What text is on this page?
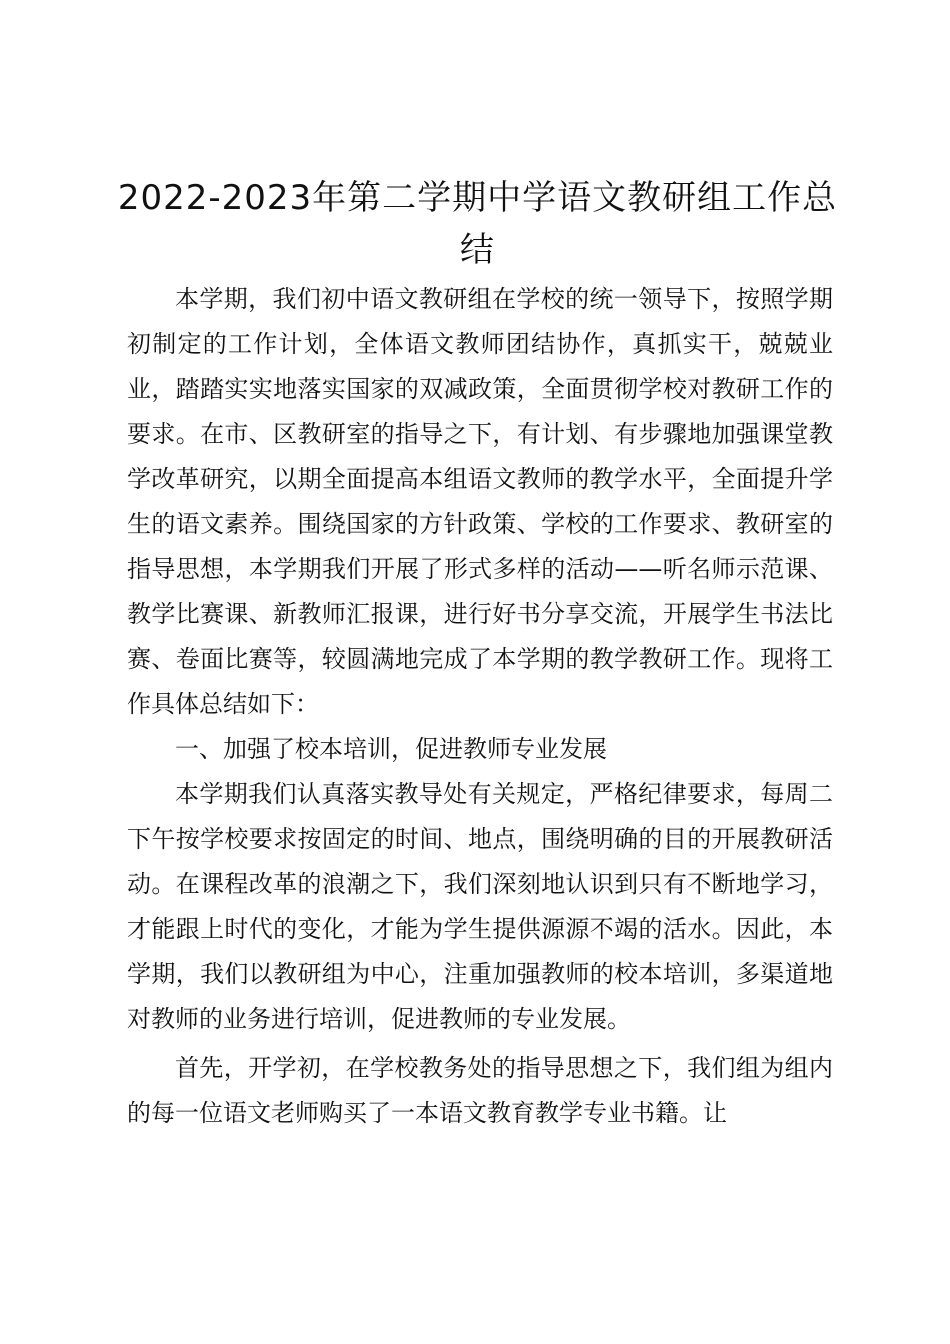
2022-2023年第二学期中学语文教研组工作总结

本学期，我们初中语文教研组在学校的统一领导下，按照学期初制定的工作计划，全体语文教师团结协作，真抓实干，兢兢业业，踏踏实实地落实国家的双减政策，全面贯彻学校对教研工作的要求。在市、区教研室的指导之下，有计划、有步骤地加强课堂教学改革研究，以期全面提高本组语文教师的教学水平，全面提升学生的语文素养。围绕国家的方针政策、学校的工作要求、教研室的指导思想，本学期我们开展了形式多样的活动——听名师示范课、教学比赛课、新教师汇报课，进行好书分享交流，开展学生书法比赛、卷面比赛等，较圆满地完成了本学期的教学教研工作。现将工作具体总结如下：

一、加强了校本培训，促进教师专业发展

本学期我们认真落实教导处有关规定，严格纪律要求，每周二下午按学校要求按固定的时间、地点，围绕明确的目的开展教研活动。在课程改革的浪潮之下，我们深刻地认识到只有不断地学习，才能跟上时代的变化，才能为学生提供源源不竭的活水。因此，本学期，我们以教研组为中心，注重加强教师的校本培训，多渠道地对教师的业务进行培训，促进教师的专业发展。

首先，开学初，在学校教务处的指导思想之下，我们组为组内的每一位语文老师购买了一本语文教育教学专业书籍。让
